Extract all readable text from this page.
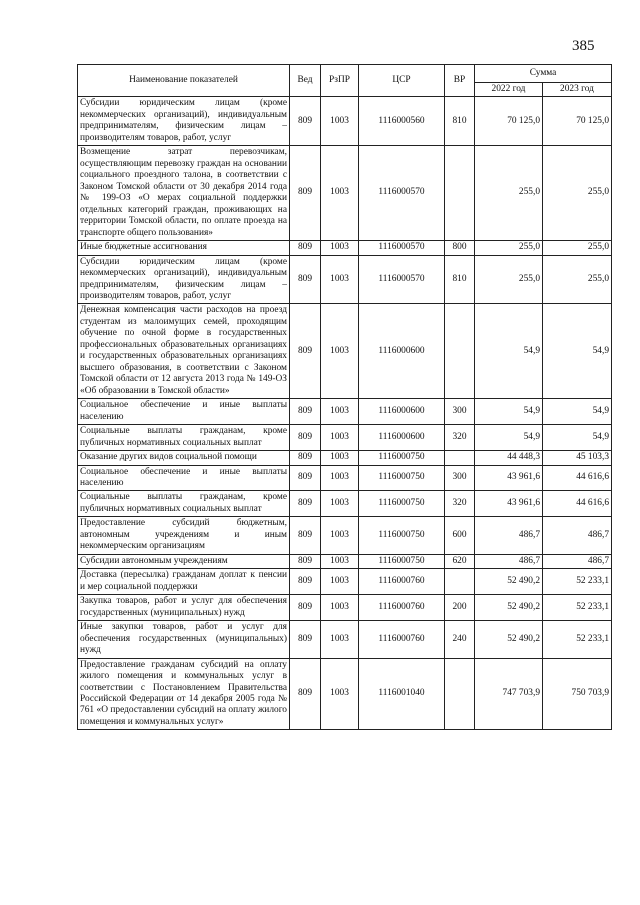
385
Наименование показателей	Вед	РзПР	ЦСР	ВР	Сумма	
					2022 год	2023 год
Субсидии юридическим лицам (кроме некоммерческих организаций), индивидуальным предпринимателям, физическим лицам – производителям товаров, работ, услуг	809	1003	1116000560	810	70 125,0	70 125,0
Возмещение затрат перевозчикам, осуществляющим перевозку граждан на основании социального проездного талона, в соответствии с Законом Томской области от 30 декабря 2014 года № 199-ОЗ «О мерах социальной поддержки отдельных категорий граждан, проживающих на территории Томской области, по оплате проезда на транспорте общего пользования»	809	1003	1116000570		255,0	255,0
Иные бюджетные ассигнования	809	1003	1116000570	800	255,0	255,0
Субсидии юридическим лицам (кроме некоммерческих организаций), индивидуальным предпринимателям, физическим лицам – производителям товаров, работ, услуг	809	1003	1116000570	810	255,0	255,0
Денежная компенсация части расходов на проезд студентам из малоимущих семей, проходящим обучение по очной форме в государственных профессиональных образовательных организациях и государственных образовательных организациях высшего образования, в соответствии с Законом Томской области от 12 августа 2013 года № 149-ОЗ «Об образовании в Томской области»	809	1003	1116000600		54,9	54,9
Социальное обеспечение и иные выплаты населению	809	1003	1116000600	300	54,9	54,9
Социальные выплаты гражданам, кроме публичных нормативных социальных выплат	809	1003	1116000600	320	54,9	54,9
Оказание других видов социальной помощи	809	1003	1116000750		44 448,3	45 103,3
Социальное обеспечение и иные выплаты населению	809	1003	1116000750	300	43 961,6	44 616,6
Социальные выплаты гражданам, кроме публичных нормативных социальных выплат	809	1003	1116000750	320	43 961,6	44 616,6
Предоставление субсидий бюджетным, автономным учреждениям и иным некоммерческим организациям	809	1003	1116000750	600	486,7	486,7
Субсидии автономным учреждениям	809	1003	1116000750	620	486,7	486,7
Доставка (пересылка) гражданам доплат к пенсии и мер социальной поддержки	809	1003	1116000760		52 490,2	52 233,1
Закупка товаров, работ и услуг для обеспечения государственных (муниципальных) нужд	809	1003	1116000760	200	52 490,2	52 233,1
Иные закупки товаров, работ и услуг для обеспечения государственных (муниципальных) нужд	809	1003	1116000760	240	52 490,2	52 233,1
Предоставление гражданам субсидий на оплату жилого помещения и коммунальных услуг в соответствии с Постановлением Правительства Российской Федерации от 14 декабря 2005 года № 761 «О предоставлении субсидий на оплату жилого помещения и коммунальных услуг»	809	1003	1116001040		747 703,9	750 703,9
